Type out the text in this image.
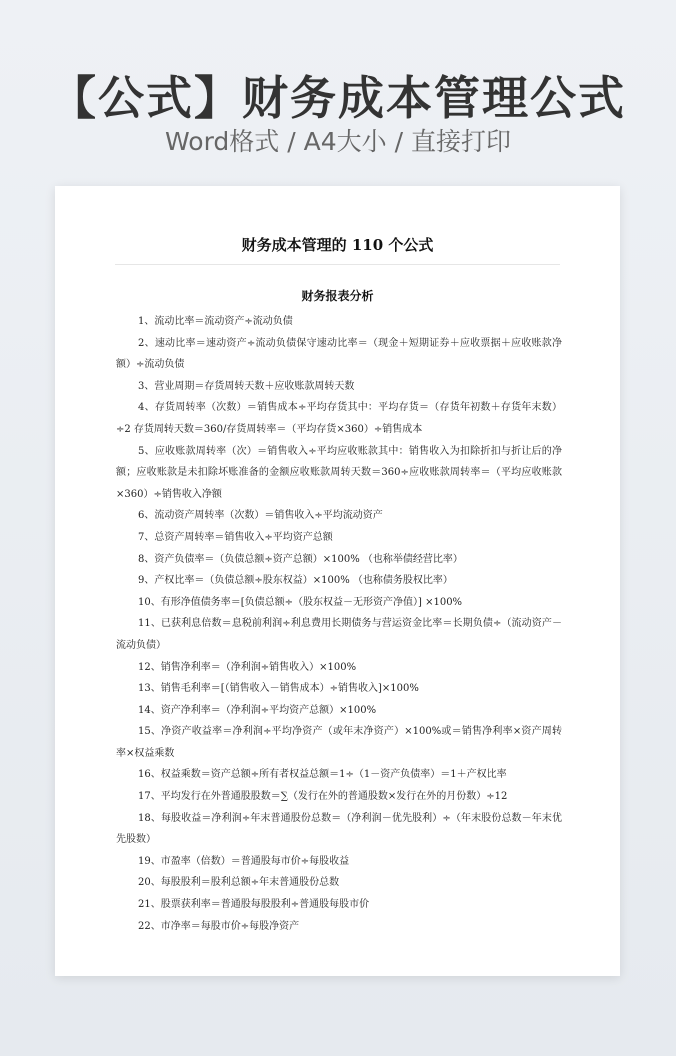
【公式】财务成本管理公式
Word格式 / A4大小 / 直接打印
财务成本管理的 110 个公式
财务报表分析
1、流动比率＝流动资产÷流动负债
2、速动比率＝速动资产÷流动负债保守速动比率＝（现金＋短期证券＋应收票据＋应收账款净额）÷流动负债
3、营业周期＝存货周转天数＋应收账款周转天数
4、存货周转率（次数）＝销售成本÷平均存货其中：平均存货＝（存货年初数＋存货年末数）÷2 存货周转天数＝360/存货周转率＝（平均存货×360）÷销售成本
5、应收账款周转率（次）＝销售收入÷平均应收账款其中：销售收入为扣除折扣与折让后的净额；应收账款是未扣除坏账准备的金额应收账款周转天数＝360÷应收账款周转率＝（平均应收账款×360）÷销售收入净额
6、流动资产周转率（次数）＝销售收入÷平均流动资产
7、总资产周转率＝销售收入÷平均资产总额
8、资产负债率＝（负债总额÷资产总额）×100% （也称举债经营比率）
9、产权比率＝（负债总额÷股东权益）×100% （也称债务股权比率）
10、有形净值债务率＝[负债总额÷（股东权益－无形资产净值）] ×100%
11、已获利息倍数＝息税前利润÷利息费用长期债务与营运资金比率＝长期负债÷（流动资产－流动负债）
12、销售净利率＝（净利润÷销售收入）×100%
13、销售毛利率＝[（销售收入－销售成本）÷销售收入]×100%
14、资产净利率＝（净利润÷平均资产总额）×100%
15、净资产收益率＝净利润÷平均净资产（或年末净资产）×100%或＝销售净利率×资产周转率×权益乘数
16、权益乘数＝资产总额÷所有者权益总额＝1÷（1－资产负债率）＝1＋产权比率
17、平均发行在外普通股股数＝∑（发行在外的普通股数×发行在外的月份数）÷12
18、每股收益＝净利润÷年末普通股份总数＝（净利润－优先股利）÷（年末股份总数－年末优先股数）
19、市盈率（倍数）＝普通股每市价÷每股收益
20、每股股利＝股利总额÷年末普通股份总数
21、股票获利率＝普通股每股股利÷普通股每股市价
22、市净率＝每股市价÷每股净资产
